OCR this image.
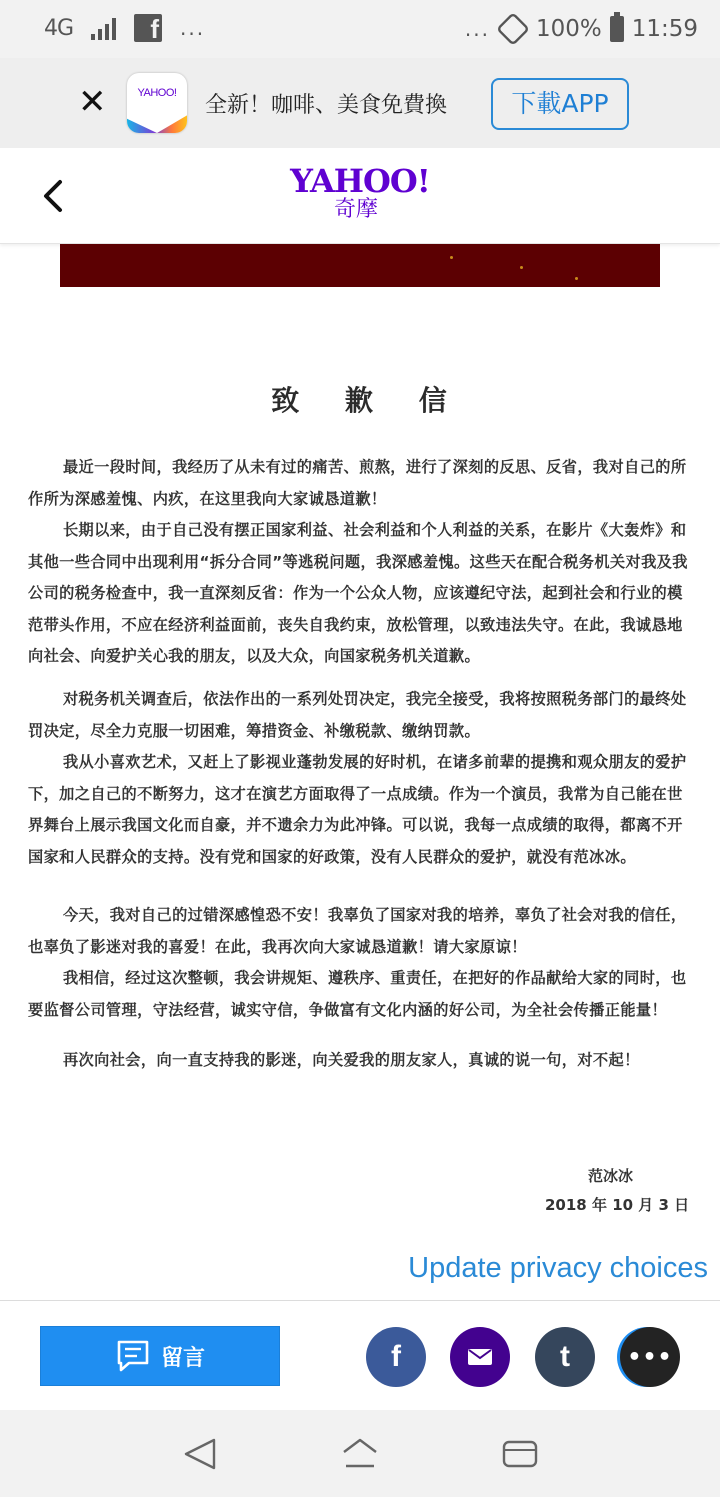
4G	f ...	... 100% 11:59
✕	YAHOO!	全新！咖啡、美食免費換	下載APP
YAHOO!
奇摩
致 歉 信

最近一段时间，我经历了从未有过的痛苦、煎熬，进行了深刻的反思、反省，我对自己的所作所为深感羞愧、内疚，在这里我向大家诚恳道歉！

长期以来，由于自己没有摆正国家利益、社会利益和个人利益的关系，在影片《大轰炸》和其他一些合同中出现利用“拆分合同”等逃税问题，我深感羞愧。这些天在配合税务机关对我及我公司的税务检查中，我一直深刻反省：作为一个公众人物，应该遵纪守法，起到社会和行业的模范带头作用，不应在经济利益面前，丧失自我约束，放松管理，以致违法失守。在此，我诚恳地向社会、向爱护关心我的朋友，以及大众，向国家税务机关道歉。

对税务机关调查后，依法作出的一系列处罚决定，我完全接受，我将按照税务部门的最终处罚决定，尽全力克服一切困难，筹措资金、补缴税款、缴纳罚款。

我从小喜欢艺术，又赶上了影视业蓬勃发展的好时机，在诸多前辈的提携和观众朋友的爱护下，加之自己的不断努力，这才在演艺方面取得了一点成绩。作为一个演员，我常为自己能在世界舞台上展示我国文化而自豪，并不遗余力为此冲锋。可以说，我每一点成绩的取得，都离不开国家和人民群众的支持。没有党和国家的好政策，没有人民群众的爱护，就没有范冰冰。

今天，我对自己的过错深感惶恐不安！我辜负了国家对我的培养，辜负了社会对我的信任，也辜负了影迷对我的喜爱！在此，我再次向大家诚恳道歉！请大家原谅！

我相信，经过这次整顿，我会讲规矩、遵秩序、重责任，在把好的作品献给大家的同时，也要监督公司管理，守法经营，诚实守信，争做富有文化内涵的好公司，为全社会传播正能量！

再次向社会，向一直支持我的影迷，向关爱我的朋友家人，真诚的说一句，对不起！

范冰冰
2018 年 10 月 3 日
Update privacy choices
留言	f	t	•••
